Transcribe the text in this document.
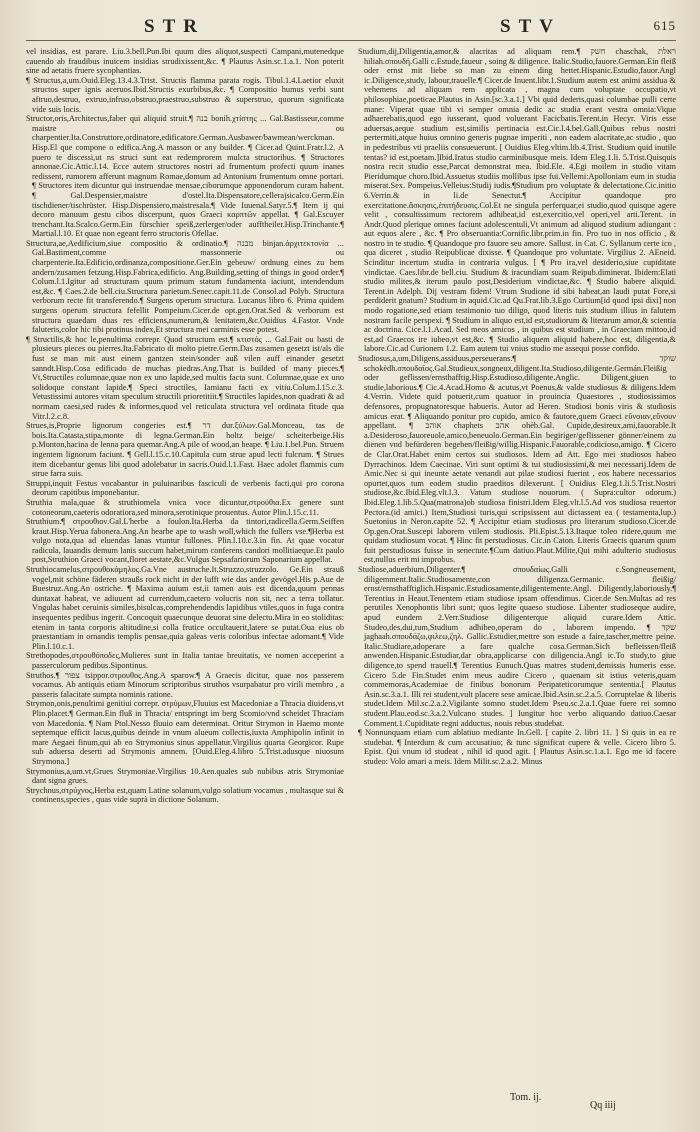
STR	STV	615

vel insidias, est parare. Liu.3.bell.Pun.Ibi quum dies aliquot,suspecti Campani,mutenedque cauendo ab fraudibus inuicem insidias strudixissent,&c. ¶ Plautus Asin.sc.1.a.1. Non poterit sine ad aetatis fruere sycophantias.

¶ Structus,a,um.Ouid.Eleg.13.4.3.Trist. Structis flamma parata rogis. Tibul.1.4.Laetior eluxit structos super ignis aceruos.Ibid.Structis exurbibus,&c. ¶ Compositio humus verbi sunt aftruo,destruo, extruo,infruo,obstruo,praestruo,substruo & superstruo, quorum significata vide suis locis.

Structor,oris,Architectus,faber qui aliquid struit.¶ בנה bonih.χτίστης ... Gal.Bastisseur,comme maistre ou charpentier.Ita.Construttore,ordinatore,edificatore.German.Ausbawer/bawmean/werckman. Hisp.El que compone o edifica.Ang.A masson or any builder. ¶ Cicer.ad Quint.Fratr.l.2. A puero te discessi,ut ns struci sunt eat redemprorem mulcta structoribus. ¶ Structores annonae.Cic.Attic.l.14. Ecce autem structores nostri ad frumentum profecti quum inanes redissent, rumorem afferunt magnum Romae,domum ad Antonium frumentum omne portari. ¶ Structores item dicuntur qui instruendae mensae,ciborumque apponendorum curam habent. ¶ Gal.Despensier,maistre d'ostel.Ita.Dispensatore,cellerajsicalco.Germ.Ein tischdiener/tischrüster. Hisp.Dispensiero,maistresala.¶ Vide Iuuenal.Satyr.5.¶ Item ij qui decoro manuum gestu cibos discerpunt, quos Graeci καρπτῶν appellat. ¶ Gal.Escuyer trenchant.Ita.Scalco.Germ.Ein fürschier speiß,zerlerger/oder aufftheiler.Hisp.Trinchante.¶ Martial.l.10. Et quae non egeant ferro structoris Ofellae.

Structura,ae,Aedificium,siue compositio & ordinatio.¶ מבנה binjan.ἀρχιτεκτονία ... Gal.Bastiment,comme massonnerie ou charpenterie.Ita.Edificio,ordinanza,compositione.Ger.Ein gebeuw/ ordnung eines zu bem andern/zusamen fetzung.Hisp.Fabrica,edificio. Ang.Building,setting of things in good order.¶ Colum.l.1.Igitur ad structuram quum primum statum fundamenta iaciunt, intendendum est,&c. ¶ Caes.2.de bell.ciu.Structura parietum.Senec.capit.11.de Consol.ad Polyb. Structura verborum recte fit transferendo.¶ Surgens operum structura. Lucanus libro 6. Prima quidem surgens operum structura fefellit Pompeium.Cicer.de opt.gen.Orat.Sed & verborum est structura quaedam duas res efficiens,numerum,& lenitatem,&c.Ouidius 4.Fastor. Vnde faluteris,color hic tibi protinus index,Et structura mei carminis esse potest.

¶ Structilis,& hoc le,penultima correpr. Quod structum est.¶ κτιστός ... Gal.Fait ou basti de plusieurs pieces ou pierres.Ita.Fabricato di molto pietre.Germ.Das zusamen gesetzt ist/als die fust se man mit aust einem gantzen stein/sonder auß vilen auff einander gesetzt sanndt.Hisp.Cosa edificado de muchas piedras.Ang.That is builded of many pieces.¶ Vt,Structiles columnae,quae non ex uno lapide,sed multis facta sunt. Columnae,quae ex uno solidoque constant lapide.¶ Speci structiles, Iamianu facti ex vitiu.Colum.l.15.c.3. Vetustissimi autores vitam speculum structili prioretitiit.¶ Structiles lapides,non quadrati & ad normam caesi,sed rudes & informes,quod vel reticulata structura vel ordinata fitude qua Vitr.l.2.c.8.

Strues,is,Proprie lignorum congeries est.¶ דר dur.ξύλων.Gal.Monceau, tas de bois.Ita.Catasta,stipa,monte di legna.German.Ein holtz beige/ scheiterbeige.His p.Monton,hacina de lenna para quemar.Ang.A pile of wood,an heape. ¶ Liu.1.bel.Pun. Struem ingentem lignorum faciunt. ¶ Gell.l.15.c.10.Capitula cum strue apud lecti fulcrum. ¶ Strues item dicebantur genus libi quod adolebatur in sacris.Ouid.l.1.Fast. Haec adolet flammis cum strue farra suis.

Struppi,inquit Festus vocabantur in puluinaribus fasciculi de verbenis facti,qui pro corona deorum capitibus imponebantur.

Struthia mala,quae & struthiomela vnica voce dicuntur,στρούθια.Ex genere sunt cotoneorum,caeteris odoratiora,sed minora,serotinique prouentus. Autor Plin.l.15.c.11.

Struthium.¶ στρουθιον.Gal.L'herbe a foulon.Ita.Herba da tintori,radicella.Germ.Seiffen kraut.Hisp.Yerua fabonera.Ang.An hearbe ape to wash woll,which the fullers vse.¶Herba est vulgo nota,qua ad eluendas lanas vtuntur fullones. Plin.l.10.c.3.in fin. At quae vocatur radicula, lauandis demum lanis succum habet,mirum conferens candori mollitiaeque.Et paulo post,Struthion Graeci vocant,floret aestate,&c.Vulgus Sepsafariorum Saponarium appellat.

Struthiocamelus,στρουθοκάμηλος.Ga.Vne austruche.It.Struzzo,struzzolo. Ge.Ein strauß vogel,mit schöne fäderen straußs rock nicht in der lufft wie das ander gevögel.His p.Aue de Buestruz.Ang.An ostriche. ¶ Maxima auium est,ii tamen auis est dicenda,quum pennas duntaxat habeat, ve adiuuent ad currendum,caetero volucris non sit, nec a terra tollatur. Vngulas habet ceruinis similes,bisulcas,comprehendendis lapidibus vtiles,quos in fuga contra insequentes pedibus ingerit. Concoquit quaecunque deuorat sine delectu.Mira in eo stoliditas: etenim in tanta corporis altitudine,si colla frutice occultauerit,latere se putat.Oua eius ob praestantiam in ornandis templis pensae,quia galeas veris coloribus infectae adornant.¶ Vide Plin.l.10.c.1.

Strethopodes,στρουθόποδες,Mulieres sunt in Italia tantae breuitatis, ve nomen acceperint a passerculorum pedibus.Sipontinus.

Struthos.¶ צפור tsippor.στρουθος.Ang.A sparow.¶ A Graecis dicitur, quae nos passerem vocamus. Ab antiquis etiam Minorum scriptoribus struthos vsurpabatur pro virili membro , a passeris falacitate sumpta nominis ratione.

Strymon,onis,penultimi genitiui correpr. στρύμων,Fluuius est Macedoniae a Thracia diuidens,vt Plin.placet.¶ German.Ein fluß in Thracia/ entspringt im berg Scomio/vnd scheidet Thraciam von Macedonia. ¶ Nam Ptol.Nesso fluuio eam determinat. Oritur Strymon in Haemo monte septemque efficit lacus,quibus deinde in vnum alueum collectis,iuxta Amphipolin infinit in mare Aegaei finum,qui ab eo Strymonius sinus appellatur.Virgilius quarta Georgicor. Rupe sub aduersa deserti ad Strymonis amnem. [Ouid.Eleg.4.libro 5.Trist.adusque niuosum Strymona.]

Strymonius,a,um.vt,Grues Strymoniae.Virgilius 10.Aen.quales sub nubibus atris Strymoniae dant signa grues.

Strychnus,στρύχνος,Herba est,quam Latine solanum,vulgo solatium vocamus , multasque sui & continens,species , quas vide suprà in dictione Solanum.

Studium,dij,Diligentia,amor,& alacritas ad aliquam rem.¶ חשק chaschak, ראלת hiliah.σπουδή.Galli c.Estude,faueur , soing & diligence. Italic.Studio,fauore.German.Ein fleiß oder ernst mit liebe so man zu einem ding hettet.Hispanic.Estudio,fauor.Angl ic.Diligence,study, labour,trauelle.¶ Cicer.de Inuent.libr.1.Studium autem est animi assidua & vehemens ad aliquam rem applicata , magna cum voluptate occupatio,vt philosophiae,poeticae.Plautus in Asin.[sc.3.a.1.] Vbi quid dederis,quasi columbae pulli certe mane: Viperat quae tibi vi semper omnia dedic ac studia erant vestra omnia:Vique adhaerebatis,quod ego iusserant, quod voluerant Facicbatis.Terent.in Hecyr. Viris esse aduersas,aeque studium est,similis pertinacia est.Cic.l.4.bel.Gall.Quibus rebus nostri pertermiti,atque huius omnino generis pugnae imperiti , non eadem alacritate,ac studio , quo in pedestribus vti praeliis consueuerunt. [ Ouidius Eleg.vltim.lib.4.Trist. Studium quid inutile tentas? id est,poetam.]Ibid.Iratus studio carminibusque meis. Idem Eleg.1.li. 5.Trist.Quisquis nostra recit studio esse,Parcat demonstrat mea. Ibid.Ele. 4.Egi moilem in studio vitam Pieridumque choro.Ibid.Assuetus studiis mollibus ipse fui.Vellemi:Apolloniam eum in studia miserat.Sex. Pompeius.Velleius:Studij iudis.¶Studium pro voluptate & delectatione.Cic.initio 6.Verrin.& in li.de Senectut.¶ Accipitur quandoque pro exercitatione.ἄσκησις,ἐπιτήδευσις.Col.Et ne singula perferquar,ei studio,quod quisque agere velit , consultissimum rectorem adhibeat,id est,exercitio,vel operi,vel arti.Terent. in Andr.Quod plerique omnes faciunt adolescentuli,Vt animum ad aliquod studium adiungant : aut equos alere , &c. ¶ Pro obseruantia:Cornific.libr.prim.in fin. Pro tuo in nos officio , & nostro in te studio. ¶ Quandoque pro fauore seu amore. Sallust. in Cat. C. Syllanum certe ico , qua diceret , studio Reipublicae dixisse. ¶ Quandoque pro voluntate. Virgilius 2. AEneid. Scinditur incertum studia in contraria vulgus. [ ¶ Pro ira,vel desiderio,siue cupiditate vindictae. Caes.libr.de bell.ciu. Studium & iracundiam suam Reipub.diminerat. Ibidem:Elati studio milites,& iterum paulo post,Desiderium vindictae,&c. ¶ Studio habere aliquid. Terent.in Adelph. Dij vestram fidem! Vtrum Studione id sibi habeat,an laudi putat Fore,si perdiderit gnatum? Studium in aquid.Cic.ad Qu.Frat.lib.3.Ego Curtium[id quod ipsi dixi] non modo rogatione,sed etiam testimonio tuo diligo, quod literis tuis studium illius in falutem nostram facile perspexi. ¶ Studium in aliquo est,id est,studiorum & literarum amor,& scientia ac doctrina. Cice.l.1.Acad. Sed meos amicos , in quibus est studium , in Graeciam mittoo,id est,ad Graecos ire iubeo,vt est,&c. ¶ Studio aliquem aliquid habere,hoc est, diligentia,& labore.Cic.ad Curionem 1.2. Eam autem tui vnius studio me assequi posse confido.

Studiosus,a,um,Diligens,assiduus,perseuerans.¶ שוקד schokèdh.σπουδαῖος.Gal.Studieux,songneux,diligent.Ita.Studioso,diligente.Germán.Fleißig oder geflissen/ernsthafftig.Hisp.Estudioso,diligente.Anglic. Diligent,giuen to studie,laborious.¶ Cic.4.Acad.Homo & acutus,vt Poenus,& valde studiosus & diligens.Idem 4.Verrin. Videte quid potuerit,cum quatuor in prouincia Quaestores , studiosissimos defensores, propugnatoresque habueris. Autor ad Heren. Studiosi bonis viris & studiosis amicus erat. ¶ Aliquando ponitur pro cupido, amico & fautore,quem Graeci εὔνοιαν,εὔνουν appellant. ¶ אוהב chaphets אהב ohèb.Gal. Cupide,desireux,ami,fauorable.It a.Desideroso,fauoreuole,amico,beneuolo.German.Ein begiriger/geflissener gönner/einem zu dienen vnd befürderen begeben/fleißig/willig.Hispanic.Fauorable,codicioso,amigo. ¶ Cicero de Clar.Orat.Habet enim certos sui studiosos. Idem ad Att. Ego mei studiosos habeo Dyrrachinos. Idem Caecinae. Viri sunt optimi & tui studiosissimi,& mei necessarij.Idem de Amic.Nec si qui ineunte aetate venandi aut pilae studiosi fuerint , eos habere necessarios opurtet,quos tum eodem studio praeditos dilexerunt. [ Ouidius Eleg.1.li.5.Trist.Nostri studiose,&c.Ibid.Eleg.vlt.l.3. Vatum studiose nouorum. ( Supra:cultor odorum.) Ibid.Eleg.1.lib.5.Qua(matrona)ob studiosa finistri.Idem Eleg.vlt.l.5.Ad vos studiosa reuertor Pectora.(id amici.) Item,Studiosi turis,qui scripsissent aut dictassent ea ( testamenta,lup.) Suetonius in Neron.capite 52. ¶ Accipitur etiam studiosus pro literarum studioso.Cicer.de Op.gen.Orat.Suscepi laborem vtilem studiosis. Pli.Epist.5.13.Itaque toleo ridere,quum me quidam studiosum vocat. ¶ Hinc fit perstudiosus. Cic.in Caton. Literis Graecis quarum quum fuit perstudiosus fuisse in senectute.¶Cum datiuo.Plaut.Milite,Qui mihi adulterio studiosus est,nullus erit mi improbus.

Studiose,aduerbium,Diligenter.¶ σπουδαίως.Galli c.Songneusement, diligemment.Italic.Studiosamente,con diligenza.Germanic. fleißig/ ernst/ernsthafftiglich.Hispanic.Estudiosamente,diligentemente.Angl. Diligently,laboriously.¶ Terentius in Heaut.Tenentem etiam studiose ipsam offendimus. Cicer.de Sen.Multas ad res perutiles Xenophontis libri sunt; quos legite quaeso studiose. Libenter studioseque audire, apud eundem 2.Verr.Studiose diligenterque aliquid curare.Idem Attic. Studeo,des,dui,tum,Studium adhibeo,operam do , laborem impendo. ¶ שקד jaghaah.σπουδάζω,φιλεω,ζηλ. Gallic.Estudier,mettre son estude a faire,tascher,mettre peine. Italic.Studiare,adoperare a fare qualche cosa.German.Sich befleissen/fleiß anwenden.Hispanic.Estudiar,dar obra,applicarse con diligencia.Angl ic.To study,to giue diligence,to spend trauell.¶ Terentius Eunuch.Quas matres student,demissis humeris esse. Cicero 5.de Fin.Studet enim meus audire Cicero , quaenam sit istius veteris,quam commemoras,Academiae de finibus bonorum Peripateticorumque sententia.[ Plautus Asin.sc.3.a.1. Illi rei student,vult placere sese amicae.Ibid.Asin.sc.2.a.5. Corruptelae & liberis studet.Idem Mil.sc.2.a.2.Vigilante somno studet.Idem Pseu.sc.2.a.1.Quae fuere rei somno student.Plau.eod.sc.3.a.2.Vulcano studes. ] Iungitur hoc verbo aliquando datiuo.Caesar Comment.1.Cupiditate regni adductus, nouis rebus studebat.

¶ Nonnunquam etiam cum ablatiuo mediante In.Gell. [ capite 2. libri 11. ] Si quis in ea re studebat. ¶ Interdum & cum accusatiuo; & tunc significat cupere & velle. Cicero libro 5. Epist. Qui vnum id studeat , nihil id quod agit. [ Plautus Asin.sc.1.a.1. Ego me id facere studeo: Volo amari a meis. Idem Milit.sc.2.a.2. Minus

Tom. ij.
Qq iiij
